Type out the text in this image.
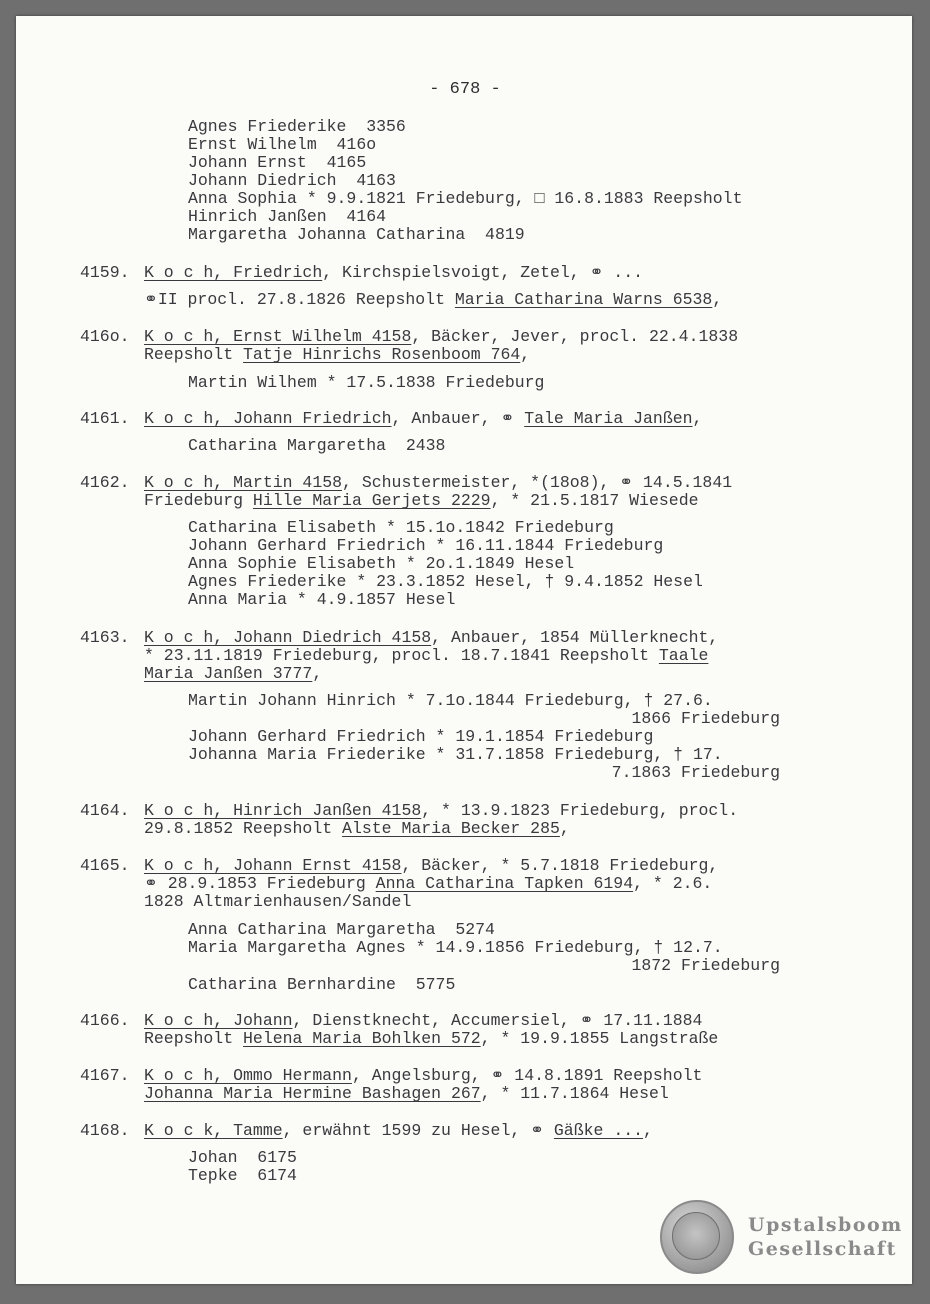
- 678 -
Agnes Friederike  3356
Ernst Wilhelm  416o
Johann Ernst  4165
Johann Diedrich  4163
Anna Sophia * 9.9.1821 Friedeburg, □ 16.8.1883 Reepsholt
Hinrich Janßen  4164
Margaretha Johanna Catharina  4819
4159. K o c h, Friedrich, Kirchspielsvoigt, Zetel, ⚭ ...
⚭II procl. 27.8.1826 Reepsholt Maria Catharina Warns 6538,
416o. K o c h, Ernst Wilhelm 4158, Bäcker, Jever, procl. 22.4.1838
Reepsholt Tatje Hinrichs Rosenboom 764,
Martin Wilhem * 17.5.1838 Friedeburg
4161. K o c h, Johann Friedrich, Anbauer, ⚭ Tale Maria Janßen,
Catharina Margaretha  2438
4162. K o c h, Martin 4158, Schustermeister, *(18o8), ⚭ 14.5.1841
Friedeburg Hille Maria Gerjets 2229, * 21.5.1817 Wiesede
Catharina Elisabeth * 15.1o.1842 Friedeburg
Johann Gerhard Friedrich * 16.11.1844 Friedeburg
Anna Sophie Elisabeth * 2o.1.1849 Hesel
Agnes Friederike * 23.3.1852 Hesel, † 9.4.1852 Hesel
Anna Maria * 4.9.1857 Hesel
4163. K o c h, Johann Diedrich 4158, Anbauer, 1854 Müllerknecht,
* 23.11.1819 Friedeburg, procl. 18.7.1841 Reepsholt Taale
Maria Janßen 3777,
Martin Johann Hinrich * 7.1o.1844 Friedeburg, † 27.6.
1866 Friedeburg
Johann Gerhard Friedrich * 19.1.1854 Friedeburg
Johanna Maria Friederike * 31.7.1858 Friedeburg, † 17.
7.1863 Friedeburg
4164. K o c h, Hinrich Janßen 4158, * 13.9.1823 Friedeburg, procl.
29.8.1852 Reepsholt Alste Maria Becker 285,
4165. K o c h, Johann Ernst 4158, Bäcker, * 5.7.1818 Friedeburg,
⚭ 28.9.1853 Friedeburg Anna Catharina Tapken 6194, * 2.6.
1828 Altmarienhausen/Sandel
Anna Catharina Margaretha  5274
Maria Margaretha Agnes * 14.9.1856 Friedeburg, † 12.7.
1872 Friedeburg
Catharina Bernhardine  5775
4166. K o c h, Johann, Dienstknecht, Accumersiel, ⚭ 17.11.1884
Reepsholt Helena Maria Bohlken 572, * 19.9.1855 Langstraße
4167. K o c h, Ommo Hermann, Angelsburg, ⚭ 14.8.1891 Reepsholt
Johanna Maria Hermine Bashagen 267, * 11.7.1864 Hesel
4168. K o c k, Tamme, erwähnt 1599 zu Hesel, ⚭ Gäßke ...,
Johan  6175
Tepke  6174
Upstalsboom
Gesellschaft
